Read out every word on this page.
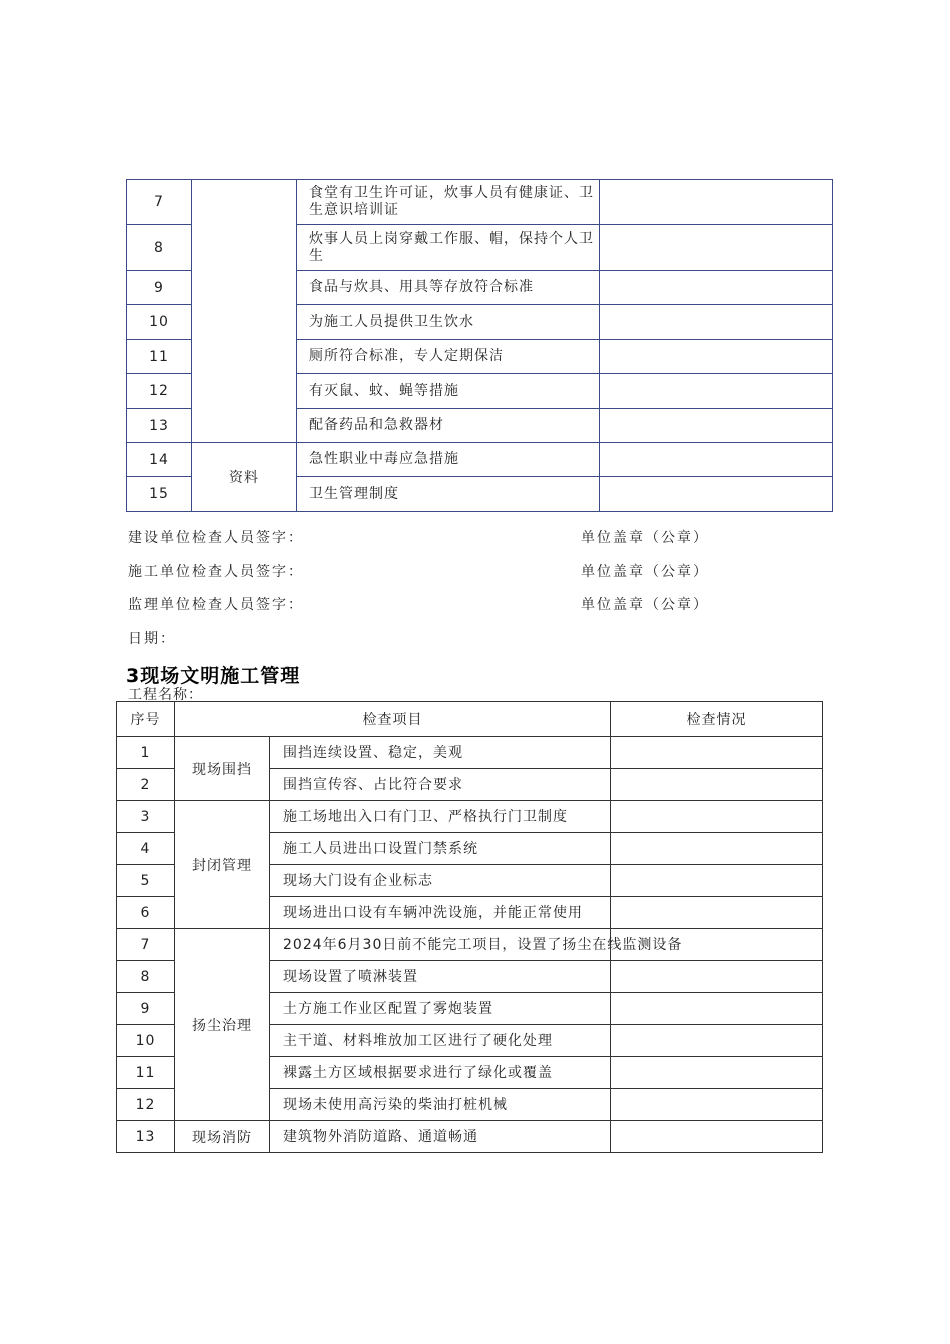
7		食堂有卫生许可证，炊事人员有健康证、卫生意识培训证	
8		炊事人员上岗穿戴工作服、帽，保持个人卫生	
9		食品与炊具、用具等存放符合标准	
10		为施工人员提供卫生饮水	
11		厕所符合标准，专人定期保洁	
12		有灭鼠、蚊、蝇等措施	
13		配备药品和急救器材	
14	资料	急性职业中毒应急措施	
15		卫生管理制度	
建设单位检查人员签字：	单位盖章（公章）
施工单位检查人员签字：	单位盖章（公章）
监理单位检查人员签字：	单位盖章（公章）
日期：
3现场文明施工管理
工程名称：
序号	检查项目		检查情况
1	现场围挡	围挡连续设置、稳定，美观	
2		围挡宣传容、占比符合要求	
3	封闭管理	施工场地出入口有门卫、严格执行门卫制度	
4		施工人员进出口设置门禁系统	
5		现场大门设有企业标志	
6		现场进出口设有车辆冲洗设施，并能正常使用	
7	扬尘治理	2024年6月30日前不能完工项目，设置了扬尘在线监测设备	
8		现场设置了喷淋装置	
9		土方施工作业区配置了雾炮装置	
10		主干道、材料堆放加工区进行了硬化处理	
11		裸露土方区域根据要求进行了绿化或覆盖	
12		现场未使用高污染的柴油打桩机械	
13	现场消防	建筑物外消防道路、通道畅通	
